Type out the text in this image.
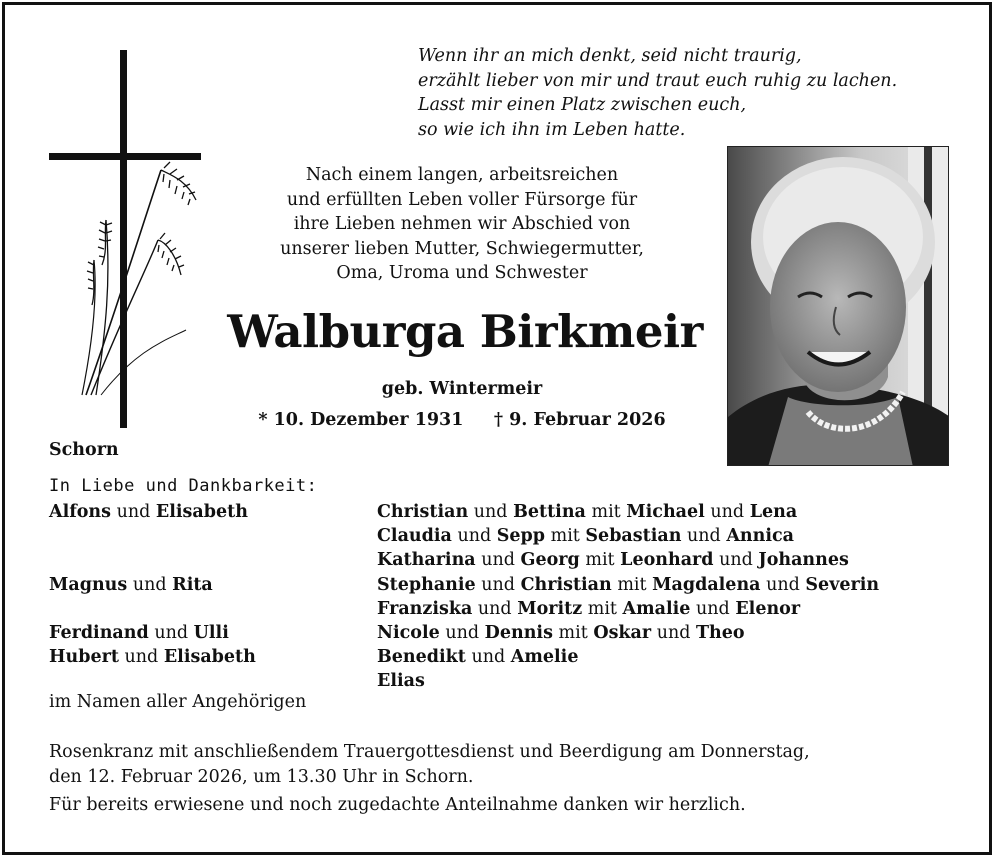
Wenn ihr an mich denkt, seid nicht traurig,
erzählt lieber von mir und traut euch ruhig zu lachen.
Lasst mir einen Platz zwischen euch,
so wie ich ihn im Leben hatte.
Nach einem langen, arbeitsreichen
und erfüllten Leben voller Fürsorge für
ihre Lieben nehmen wir Abschied von
unserer lieben Mutter, Schwiegermutter,
Oma, Uroma und Schwester
Walburga Birkmeir
geb. Wintermeir
* 10. Dezember 1931 † 9. Februar 2026
Schorn
In Liebe und Dankbarkeit:
Alfons und Elisabeth
Magnus und Rita
Ferdinand und Ulli
Hubert und Elisabeth
Christian und Bettina mit Michael und Lena
Claudia und Sepp mit Sebastian und Annica
Katharina und Georg mit Leonhard und Johannes
Stephanie und Christian mit Magdalena und Severin
Franziska und Moritz mit Amalie und Elenor
Nicole und Dennis mit Oskar und Theo
Benedikt und Amelie
Elias
im Namen aller Angehörigen
Rosenkranz mit anschließendem Trauergottesdienst und Beerdigung am Donnerstag,
den 12. Februar 2026, um 13.30 Uhr in Schorn.
Für bereits erwiesene und noch zugedachte Anteilnahme danken wir herzlich.
